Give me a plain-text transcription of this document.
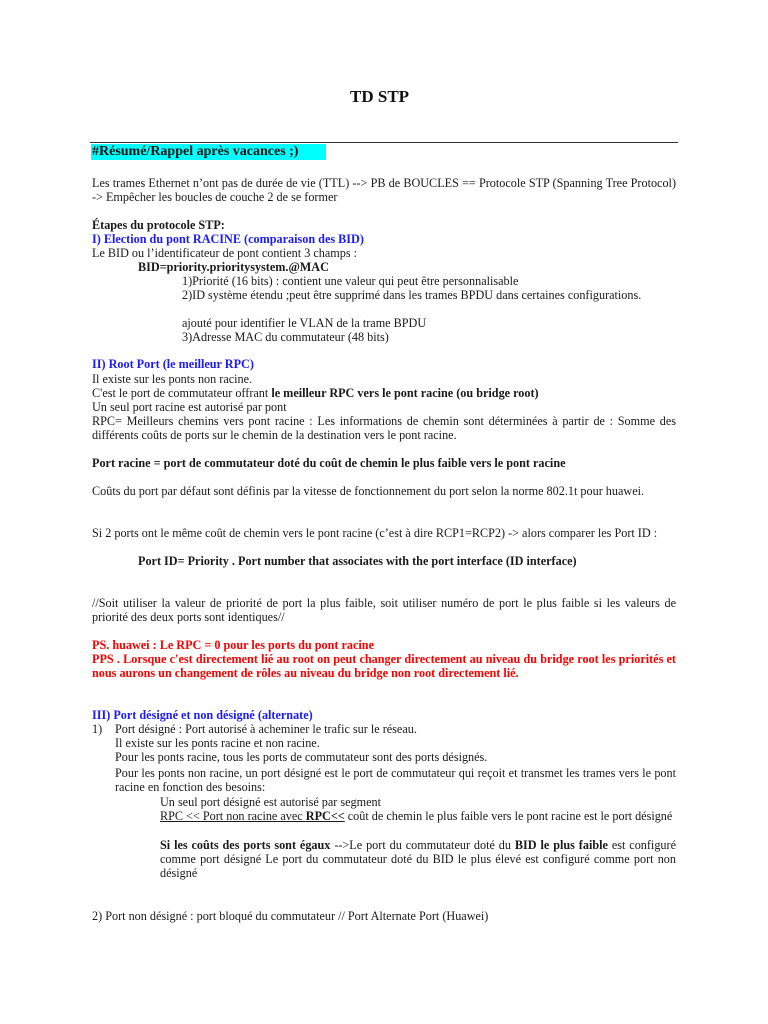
TD STP
#Résumé/Rappel après vacances ;)
Les trames Ethernet n’ont pas de durée de vie (TTL) --> PB de BOUCLES == Protocole STP (Spanning Tree Protocol) -> Empêcher les boucles de couche 2 de se former
Étapes du protocole STP:
I) Election du pont RACINE (comparaison des BID)
Le BID ou l’identificateur de pont contient 3 champs :
BID=priority.prioritysystem.@MAC
1)Priorité (16 bits) : contient une valeur qui peut être personnalisable
2)ID système étendu ;peut être supprimé dans les trames BPDU dans certaines configurations.
ajouté pour identifier le VLAN de la trame BPDU
3)Adresse MAC du commutateur (48 bits)
II) Root Port (le meilleur RPC)
Il existe sur les ponts non racine.
C'est le port de commutateur offrant le meilleur RPC vers le pont racine (ou bridge root)
Un seul port racine est autorisé par pont
RPC= Meilleurs chemins vers pont racine : Les informations de chemin sont déterminées à partir de : Somme des différents coûts de ports sur le chemin de la destination vers le pont racine.
Port racine = port de commutateur doté du coût de chemin le plus faible vers le pont racine
Coûts du port par défaut sont définis par la vitesse de fonctionnement du port selon la norme 802.1t pour huawei.
Si 2 ports ont le même coût de chemin vers le pont racine (c’est à dire RCP1=RCP2) -> alors comparer les Port ID :
Port ID= Priority . Port number that associates with the port interface (ID interface)
//Soit utiliser la valeur de priorité de port la plus faible, soit utiliser numéro de port le plus faible si les valeurs de priorité des deux ports sont identiques//
PS. huawei : Le RPC = 0 pour les ports du pont racine
PPS . Lorsque c'est directement lié au root on peut changer directement au niveau du bridge root les priorités et nous aurons un changement de rôles au niveau du bridge non root directement lié.
III) Port désigné et non désigné (alternate)
1) Port désigné : Port autorisé à acheminer le trafic sur le réseau.
Il existe sur les ponts racine et non racine.
Pour les ponts racine, tous les ports de commutateur sont des ports désignés.
Pour les ponts non racine, un port désigné est le port de commutateur qui reçoit et transmet les trames vers le pont racine en fonction des besoins:
Un seul port désigné est autorisé par segment
RPC << Port non racine avec RPC<< coût de chemin le plus faible vers le pont racine est le port désigné
Si les coûts des ports sont égaux -->Le port du commutateur doté du BID le plus faible est configuré comme port désigné Le port du commutateur doté du BID le plus élevé est configuré comme port non désigné
2) Port non désigné : port bloqué du commutateur // Port Alternate Port (Huawei)
